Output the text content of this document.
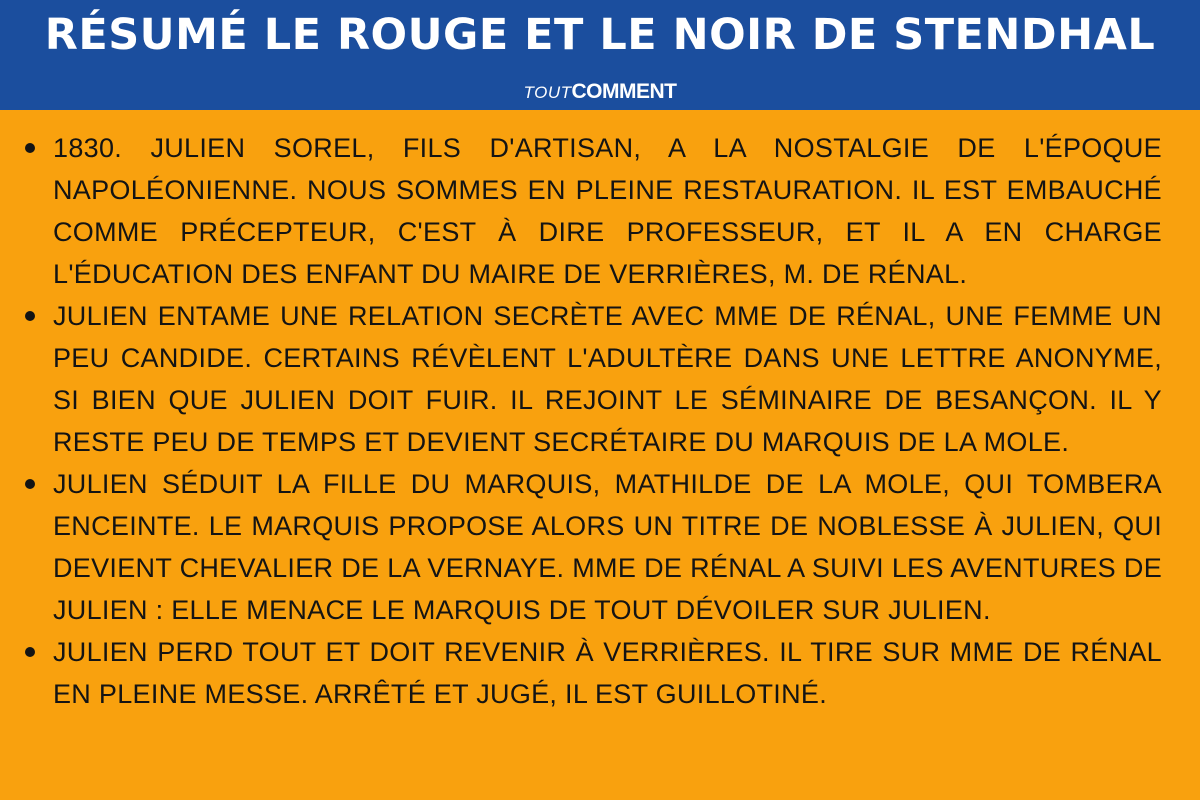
RÉSUMÉ LE ROUGE ET LE NOIR DE STENDHAL
TOUTCOMMENT
1830. JULIEN SOREL, FILS D'ARTISAN, A LA NOSTALGIE DE L'ÉPOQUE NAPOLÉONIENNE. NOUS SOMMES EN PLEINE RESTAURATION. IL EST EMBAUCHÉ COMME PRÉCEPTEUR, C'EST À DIRE PROFESSEUR, ET IL A EN CHARGE L'ÉDUCATION DES ENFANT DU MAIRE DE VERRIÈRES, M. DE RÉNAL.
JULIEN ENTAME UNE RELATION SECRÈTE AVEC MME DE RÉNAL, UNE FEMME UN PEU CANDIDE. CERTAINS RÉVÈLENT L'ADULTÈRE DANS UNE LETTRE ANONYME, SI BIEN QUE JULIEN DOIT FUIR. IL REJOINT LE SÉMINAIRE DE BESANÇON. IL Y RESTE PEU DE TEMPS ET DEVIENT SECRÉTAIRE DU MARQUIS DE LA MOLE.
JULIEN SÉDUIT LA FILLE DU MARQUIS, MATHILDE DE LA MOLE, QUI TOMBERA ENCEINTE. LE MARQUIS PROPOSE ALORS UN TITRE DE NOBLESSE À JULIEN, QUI DEVIENT CHEVALIER DE LA VERNAYE. MME DE RÉNAL A SUIVI LES AVENTURES DE JULIEN : ELLE MENACE LE MARQUIS DE TOUT DÉVOILER SUR JULIEN.
JULIEN PERD TOUT ET DOIT REVENIR À VERRIÈRES. IL TIRE SUR MME DE RÉNAL EN PLEINE MESSE. ARRÊTÉ ET JUGÉ, IL EST GUILLOTINÉ.
